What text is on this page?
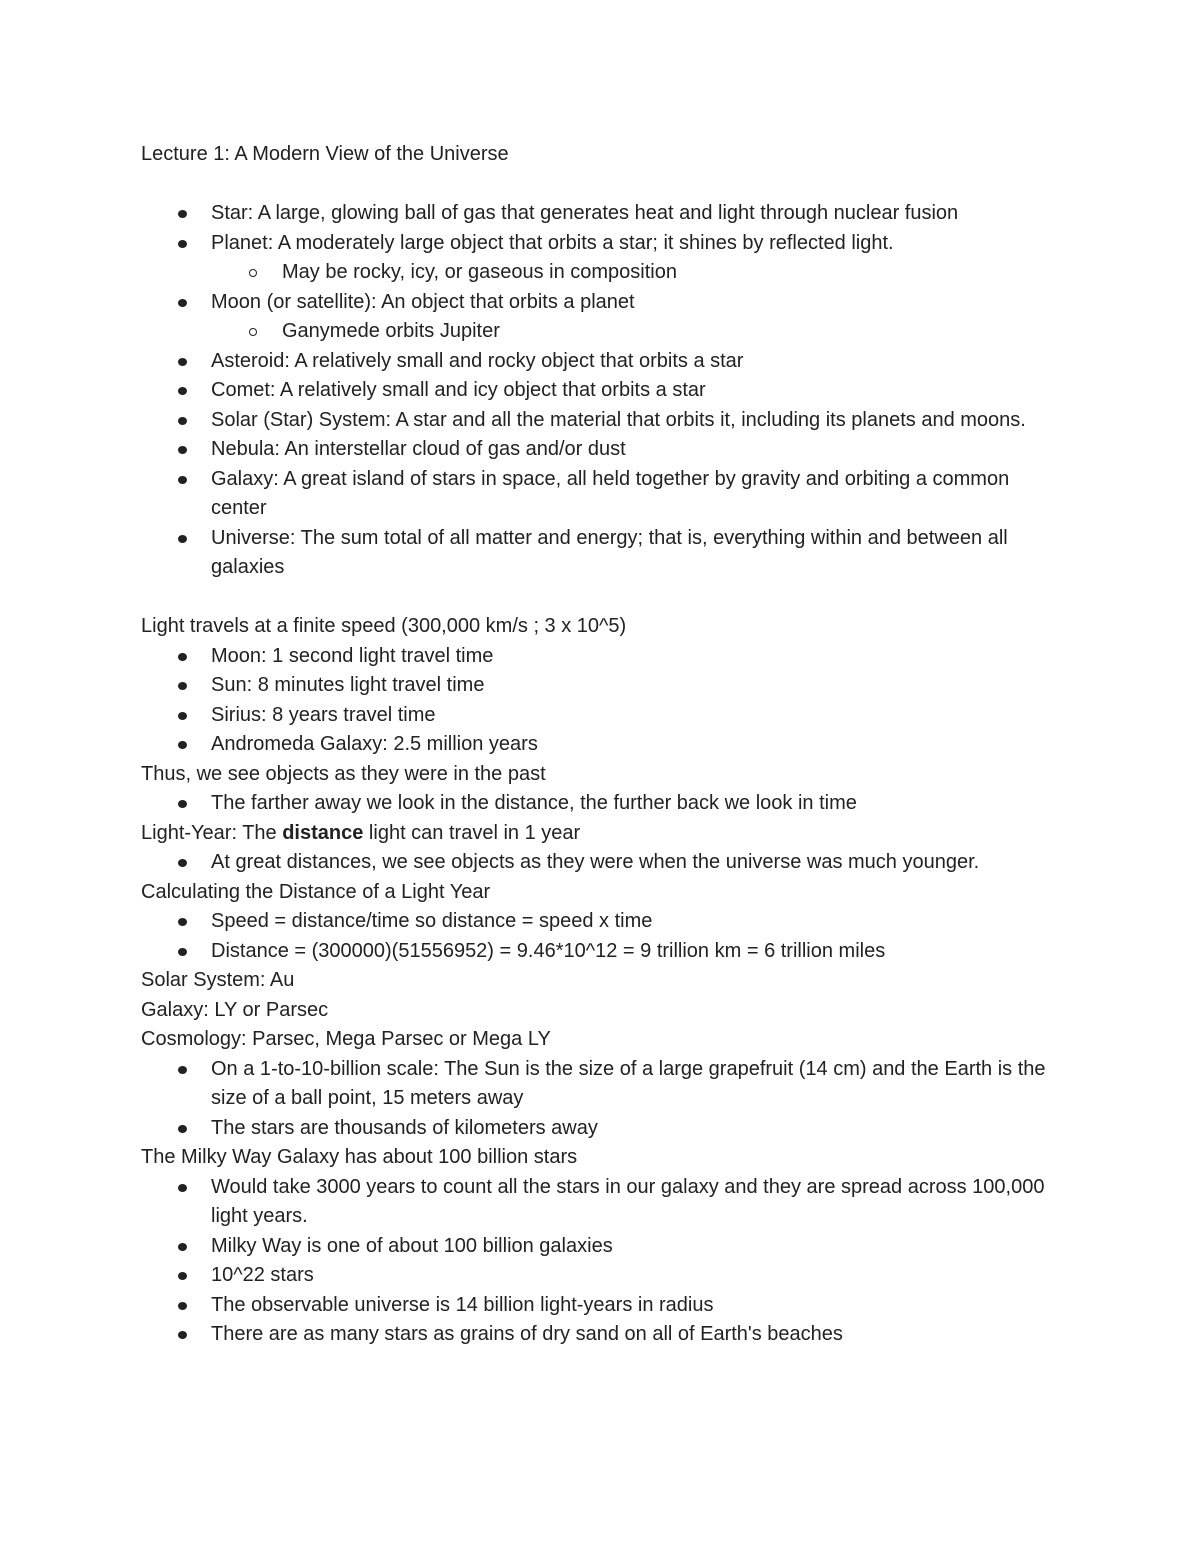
Lecture 1: A Modern View of the Universe

Star: A large, glowing ball of gas that generates heat and light through nuclear fusion
Planet: A moderately large object that orbits a star; it shines by reflected light.
May be rocky, icy, or gaseous in composition
Moon (or satellite): An object that orbits a planet
Ganymede orbits Jupiter
Asteroid: A relatively small and rocky object that orbits a star
Comet: A relatively small and icy object that orbits a star
Solar (Star) System: A star and all the material that orbits it, including its planets and moons.
Nebula: An interstellar cloud of gas and/or dust
Galaxy: A great island of stars in space, all held together by gravity and orbiting a common center
Universe: The sum total of all matter and energy; that is, everything within and between all galaxies

Light travels at a finite speed (300,000 km/s ; 3 x 10^5)

Moon: 1 second light travel time
Sun: 8 minutes light travel time
Sirius: 8 years travel time
Andromeda Galaxy: 2.5 million years

Thus, we see objects as they were in the past

The farther away we look in the distance, the further back we look in time

Light-Year: The distance light can travel in 1 year

At great distances, we see objects as they were when the universe was much younger.

Calculating the Distance of a Light Year

Speed = distance/time so distance = speed x time
Distance = (300000)(51556952) = 9.46*10^12 = 9 trillion km = 6 trillion miles

Solar System: Au

Galaxy: LY or Parsec

Cosmology: Parsec, Mega Parsec or Mega LY

On a 1-to-10-billion scale: The Sun is the size of a large grapefruit (14 cm) and the Earth is the size of a ball point, 15 meters away
The stars are thousands of kilometers away

The Milky Way Galaxy has about 100 billion stars

Would take 3000 years to count all the stars in our galaxy and they are spread across 100,000 light years.
Milky Way is one of about 100 billion galaxies
10^22 stars
The observable universe is 14 billion light-years in radius
There are as many stars as grains of dry sand on all of Earth's beaches
